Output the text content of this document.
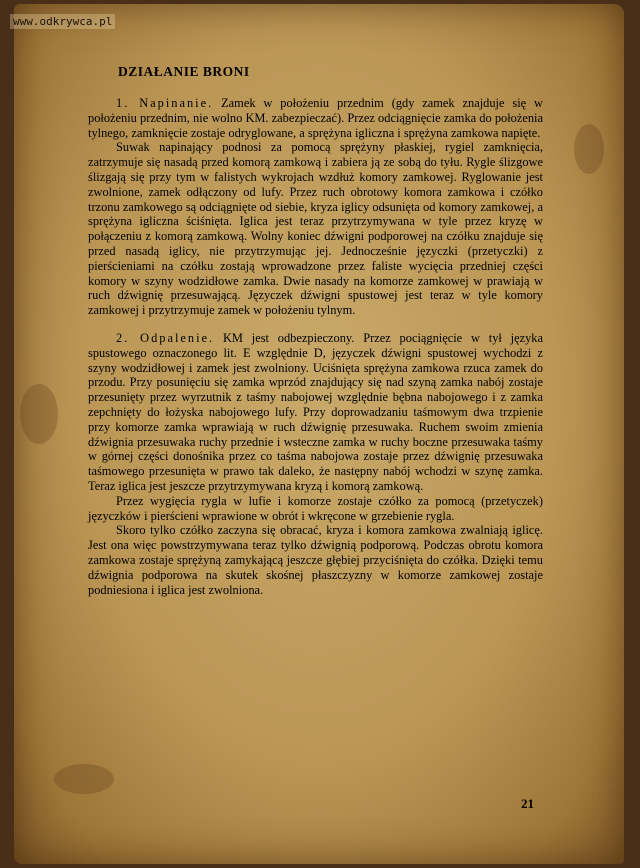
www.odkrywca.pl
DZIAŁANIE BRONI

1. Napinanie. Zamek w położeniu przednim (gdy zamek znajduje się w położeniu przednim, nie wolno KM. zabezpieczać). Przez odciągnięcie zamka do położenia tylnego, zamknięcie zostaje odryglowane, a sprężyna igliczna i sprężyna zamkowa napięte.

Suwak napinający podnosi za pomocą sprężyny płaskiej, rygiel zamknięcia, zatrzymuje się nasadą przed komorą zamkową i zabiera ją ze sobą do tyłu. Rygle ślizgowe ślizgają się przy tym w falistych wykrojach wzdłuż komory zamkowej. Ryglowanie jest zwolnione, zamek odłączony od lufy. Przez ruch obrotowy komora zamkowa i czółko trzonu zamkowego są odciągnięte od siebie, kryza iglicy odsunięta od komory zamkowej, a sprężyna igliczna ściśnięta. Iglica jest teraz przytrzymywana w tyle przez kryzę w połączeniu z komorą zamkową. Wolny koniec dźwigni podporowej na czółku znajduje się przed nasadą iglicy, nie przytrzymując jej. Jednocześnie języczki (przetyczki) z pierścieniami na czółku zostają wprowadzone przez faliste wycięcia przedniej części komory w szyny wodzidłowe zamka. Dwie nasady na komorze zamkowej w prawiają w ruch dźwignię przesuwającą. Języczek dźwigni spustowej jest teraz w tyle komory zamkowej i przytrzymuje zamek w położeniu tylnym.

2. Odpalenie. KM jest odbezpieczony. Przez pociągnięcie w tył języka spustowego oznaczonego lit. E względnie D, języczek dźwigni spustowej wychodzi z szyny wodzidłowej i zamek jest zwolniony. Uciśnięta sprężyna zamkowa rzuca zamek do przodu. Przy posunięciu się zamka wprzód znajdujący się nad szyną zamka nabój zostaje przesunięty przez wyrzutnik z taśmy nabojowej względnie bębna nabojowego i z zamka zepchnięty do łożyska nabojowego lufy. Przy doprowadzaniu taśmowym dwa trzpienie przy komorze zamka wprawiają w ruch dźwignię przesuwaka. Ruchem swoim zmienia dźwignia przesuwaka ruchy przednie i wsteczne zamka w ruchy boczne przesuwaka taśmy w górnej części donośnika przez co taśma nabojowa zostaje przez dźwignię przesuwaka taśmowego przesunięta w prawo tak daleko, że następny nabój wchodzi w szynę zamka. Teraz iglica jest jeszcze przytrzymywana kryzą i komorą zamkową.

Przez wygięcia rygla w lufie i komorze zostaje czółko za pomocą (przetyczek) języczków i pierścieni wprawione w obrót i wkręcone w grzebienie rygla.

Skoro tylko czółko zaczyna się obracać, kryza i komora zamkowa zwalniają iglicę. Jest ona więc powstrzymywana teraz tylko dźwignią podporową. Podczas obrotu komora zamkowa zostaje sprężyną zamykającą jeszcze głębiej przyciśnięta do czółka. Dzięki temu dźwignia podporowa na skutek skośnej płaszczyzny w komorze zamkowej zostaje podniesiona i iglica jest zwolniona.

21
